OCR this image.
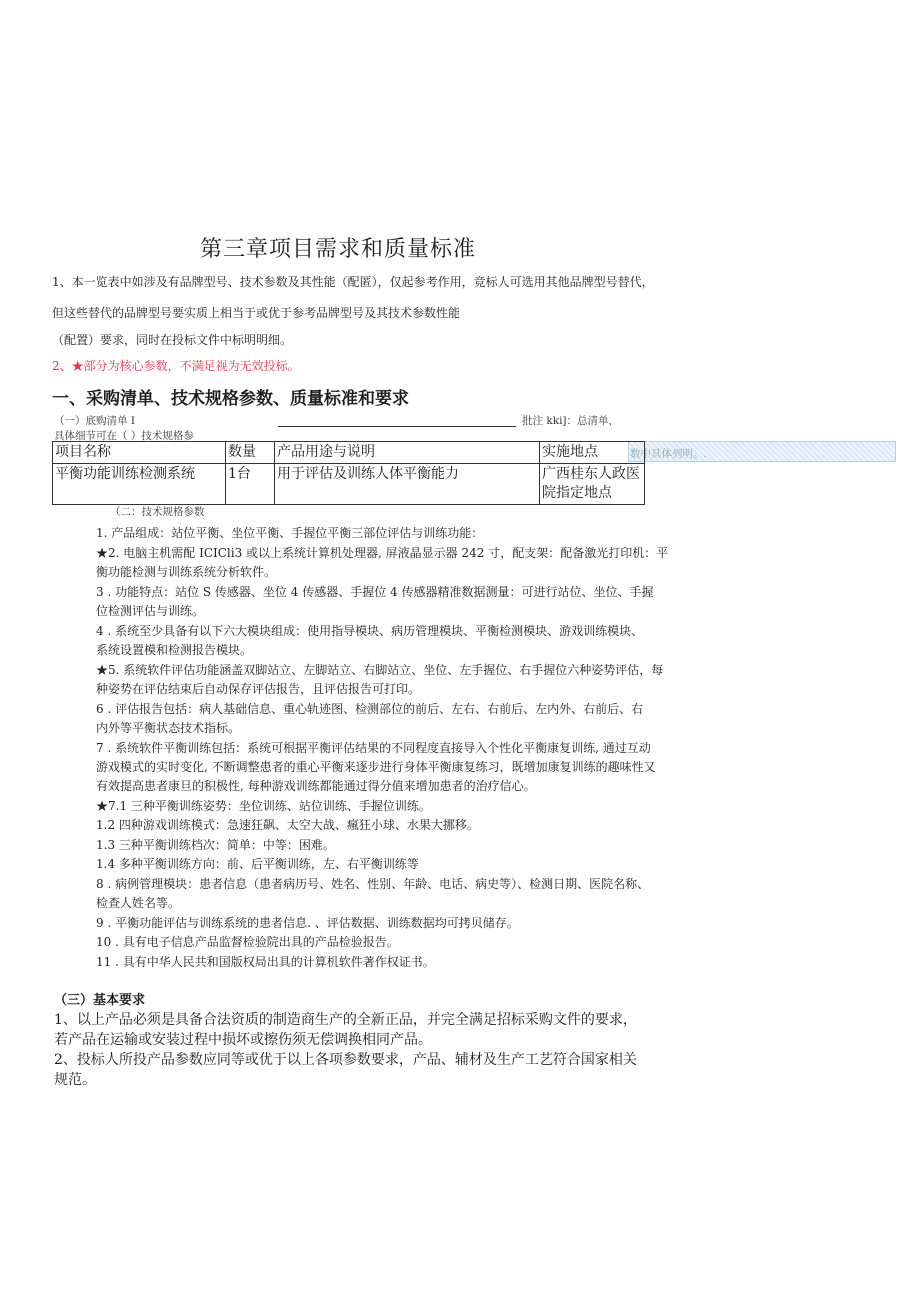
第三章项目需求和质量标准
1、本一览表中如涉及有品牌型号、技术参数及其性能（配匿），仅起参考作用，竞标人可选用其他品牌型号替代，
但这些替代的品牌型号要实质上相当于或优于参考品牌型号及其技术参数性能
（配置）要求，同时在投标文件中标明明细。
2、★部分为核心参数，不满足视为无效投标。
一、采购清单、技术规格参数、质量标准和要求
（一）底购清单 I	批注 kki]：总清单，
具体细节可在（ ）技术规格参
数中具体列明。.
项目名称	数量	产品用途与说明	实施地点
平衡功能训练检测系统	1台	用于评估及训练人体平衡能力	广西桂东人政医
院指定地点
（二：技术规格参数
1. 产品组成：站位平衡、坐位平衡、手握位平衡三部位评估与训练功能：
★2. 电脑主机需配 ICICli3 或以上系统计算机处理器, 屏液晶显示器 242 寸，配支架：配备激光打印机：平
衡功能检测与训练系统分析软件。
3 . 功能特点：站位 S 传感器、坐位 4 传感器、手握位 4 传感器精准数据测量：可进行站位、坐位、手握
位检测评估与训练。
4 . 系统至少具备有以下六大模块组成：使用指导模块、病历管理模块、平衡检测模块、游戏训练模块、
系统设置模和检测报告模块。
★5. 系统软件评估功能涵盖双脚站立、左脚站立、右脚站立、坐位、左手握位、右手握位六种姿势评估，每
种姿势在评估结束后自动保存评估报告，且评估报告可打印。
6 . 评估报告包括：病人基础信息、重心轨迹图、检测部位的前后、左右、右前后、左内外、右前后、右
内外等平衡状态技术指标。
7 . 系统软件平衡训练包括：系统可根据平衡评估结果的不同程度直接导入个性化平衡康复训练, 通过互动
游戏模式的实时变化, 不断调整患者的重心平衡来逐步进行身体平衡康复练习，既增加康复训练的趣味性又
有效提高患者康旦的积极性, 每种游戏训练都能通过得分值来增加患者的治疗信心。
★7.1 三种平衡训练姿势：坐位训练、站位训练、手握位训练。
1.2 四种游戏训练模式：急速狂飙、太空大战、瘋狂小球、水果大挪移。
1.3 三种平衡训练档次：简单：中等：困难。
1.4 多种平衡训练方向：前、后平衡训练，左、右平衡训练等
8 . 病例管理模块：患者信息（患者病历号、姓名、性别、年龄、电话、病史等）、检测日期、医院名称、
检查人姓名等。
9 . 平衡功能评估与训练系统的患者信息. 、评估数据、训练数据均可拷贝储存。
10 . 具有电子信息产品监督检验院出具的产品检验报告。
11 . 具有中华人民共和国版权局出具的计算机软件著作权证书。
（三）基本要求
1、以上产品必须是具备合法资质的制造商生产的全新正品，并完全满足招标采购文件的要求，
若产品在运输或安装过程中损坏或擦伤须无偿调换相同产品。
2、投标人所投产品参数应同等或优于以上各项参数要求，产品、辅材及生产工艺符合国家相关
规范。
